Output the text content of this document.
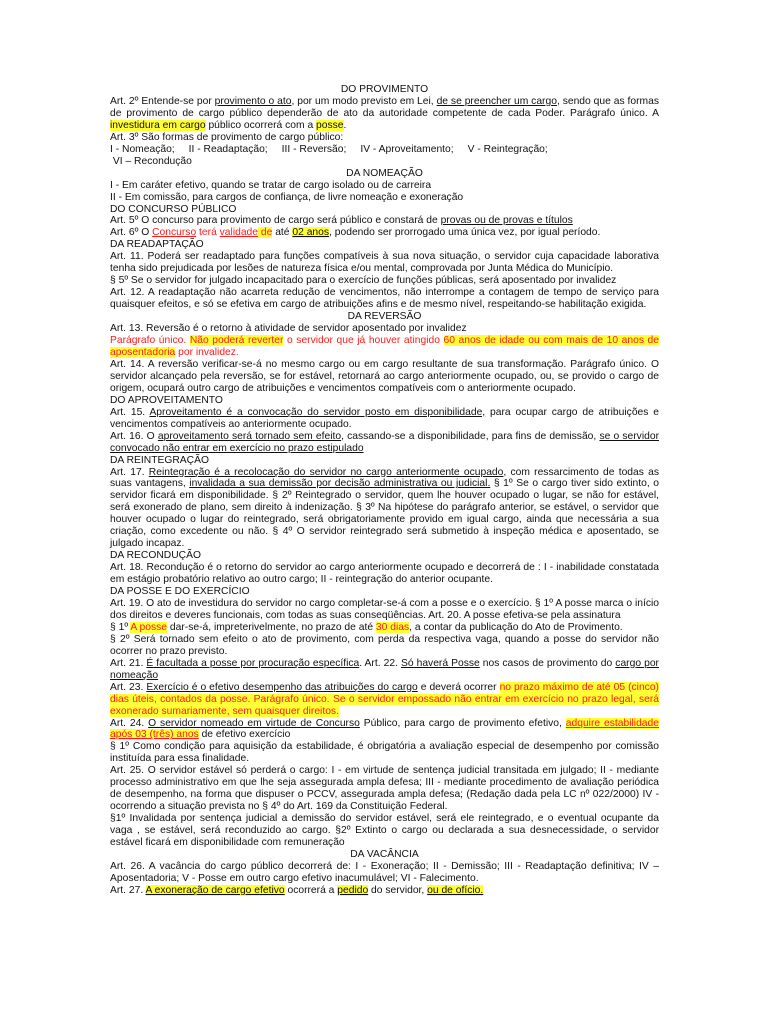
DO PROVIMENTO

Art. 2º Entende-se por provimento o ato, por um modo previsto em Lei, de se preencher um cargo, sendo que as formas de provimento de cargo público dependerão de ato da autoridade competente de cada Poder. Parágrafo único. A investidura em cargo público ocorrerá com a posse.

Art. 3º São formas de provimento de cargo público:

I - Nomeação; II - Readaptação; III - Reversão; IV - Aproveitamento; V - Reintegração;
VI – Recondução

DA NOMEAÇÃO

I - Em caráter efetivo, quando se tratar de cargo isolado ou de carreira

II - Em comissão, para cargos de confiança, de livre nomeação e exoneração

DO CONCURSO PÚBLICO

Art. 5º O concurso para provimento de cargo será público e constará de provas ou de provas e títulos

Art. 6º O Concurso terá validade de até 02 anos, podendo ser prorrogado uma única vez, por igual período.

DA READAPTAÇÃO

Art. 11. Poderá ser readaptado para funções compatíveis à sua nova situação, o servidor cuja capacidade laborativa tenha sido prejudicada por lesões de natureza física e/ou mental, comprovada por Junta Médica do Município.

§ 5º Se o servidor for julgado incapacitado para o exercício de funções públicas, será aposentado por invalidez

Art. 12. A readaptação não acarreta redução de vencimentos, não interrompe a contagem de tempo de serviço para quaisquer efeitos, e só se efetiva em cargo de atribuições afins e de mesmo nível, respeitando-se habilitação exigida.

DA REVERSÃO

Art. 13. Reversão é o retorno à atividade de servidor aposentado por invalidez

Parágrafo único. Não poderá reverter o servidor que já houver atingido 60 anos de idade ou com mais de 10 anos de aposentadoria por invalidez.

Art. 14. A reversão verificar-se-á no mesmo cargo ou em cargo resultante de sua transformação. Parágrafo único. O servidor alcançado pela reversão, se for estável, retornará ao cargo anteriormente ocupado, ou, se provido o cargo de origem, ocupará outro cargo de atribuições e vencimentos compatíveis com o anteriormente ocupado.

DO APROVEITAMENTO

Art. 15. Aproveitamento é a convocação do servidor posto em disponibilidade, para ocupar cargo de atribuições e vencimentos compatíveis ao anteriormente ocupado.

Art. 16. O aproveitamento será tornado sem efeito, cassando-se a disponibilidade, para fins de demissão, se o servidor convocado não entrar em exercício no prazo estipulado

DA REINTEGRAÇÃO

Art. 17. Reintegração é a recolocação do servidor no cargo anteriormente ocupado, com ressarcimento de todas as suas vantagens, invalidada a sua demissão por decisão administrativa ou judicial. § 1º Se o cargo tiver sido extinto, o servidor ficará em disponibilidade. § 2º Reintegrado o servidor, quem lhe houver ocupado o lugar, se não for estável, será exonerado de plano, sem direito à indenização. § 3º Na hipótese do parágrafo anterior, se estável, o servidor que houver ocupado o lugar do reintegrado, será obrigatoriamente provido em igual cargo, ainda que necessária a sua criação, como excedente ou não. § 4º O servidor reintegrado será submetido à inspeção médica e aposentado, se julgado incapaz.

DA RECONDUÇÃO

Art. 18. Recondução é o retorno do servidor ao cargo anteriormente ocupado e decorrerá de : I - inabilidade constatada em estágio probatório relativo ao outro cargo; II - reintegração do anterior ocupante.

DA POSSE E DO EXERCÍCIO

Art. 19. O ato de investidura do servidor no cargo completar-se-á com a posse e o exercício. § 1º A posse marca o início dos direitos e deveres funcionais, com todas as suas conseqüências. Art. 20. A posse efetiva-se pela assinatura

§ 1º A posse dar-se-á, impreterivelmente, no prazo de até 30 dias, a contar da publicação do Ato de Provimento.

§ 2º Será tornado sem efeito o ato de provimento, com perda da respectiva vaga, quando a posse do servidor não ocorrer no prazo previsto.

Art. 21. É facultada a posse por procuração específica. Art. 22. Só haverá Posse nos casos de provimento do cargo por nomeação

Art. 23. Exercício é o efetivo desempenho das atribuições do cargo e deverá ocorrer no prazo máximo de até 05 (cinco) dias úteis, contados da posse. Parágrafo único. Se o servidor empossado não entrar em exercício no prazo legal, será exonerado sumariamente, sem quaisquer direitos.

Art. 24. O servidor nomeado em virtude de Concurso Público, para cargo de provimento efetivo, adquire estabilidade após 03 (três) anos de efetivo exercício

§ 1º Como condição para aquisição da estabilidade, é obrigatória a avaliação especial de desempenho por comissão instituída para essa finalidade.

Art. 25. O servidor estável só perderá o cargo: I - em virtude de sentença judicial transitada em julgado; II - mediante processo administrativo em que lhe seja assegurada ampla defesa; III - mediante procedimento de avaliação periódica de desempenho, na forma que dispuser o PCCV, assegurada ampla defesa; (Redação dada pela LC nº 022/2000) IV - ocorrendo a situação prevista no § 4º do Art. 169 da Constituição Federal.

§1º Invalidada por sentença judicial a demissão do servidor estável, será ele reintegrado, e o eventual ocupante da vaga , se estável, será reconduzido ao cargo. §2º Extinto o cargo ou declarada a sua desnecessidade, o servidor estável ficará em disponibilidade com remuneração

DA VACÂNCIA

Art. 26. A vacância do cargo público decorrerá de: I - Exoneração; II - Demissão; III - Readaptação definitiva; IV – Aposentadoria; V - Posse em outro cargo efetivo inacumulável; VI - Falecimento.

Art. 27. A exoneração de cargo efetivo ocorrerá a pedido do servidor, ou de ofício.
